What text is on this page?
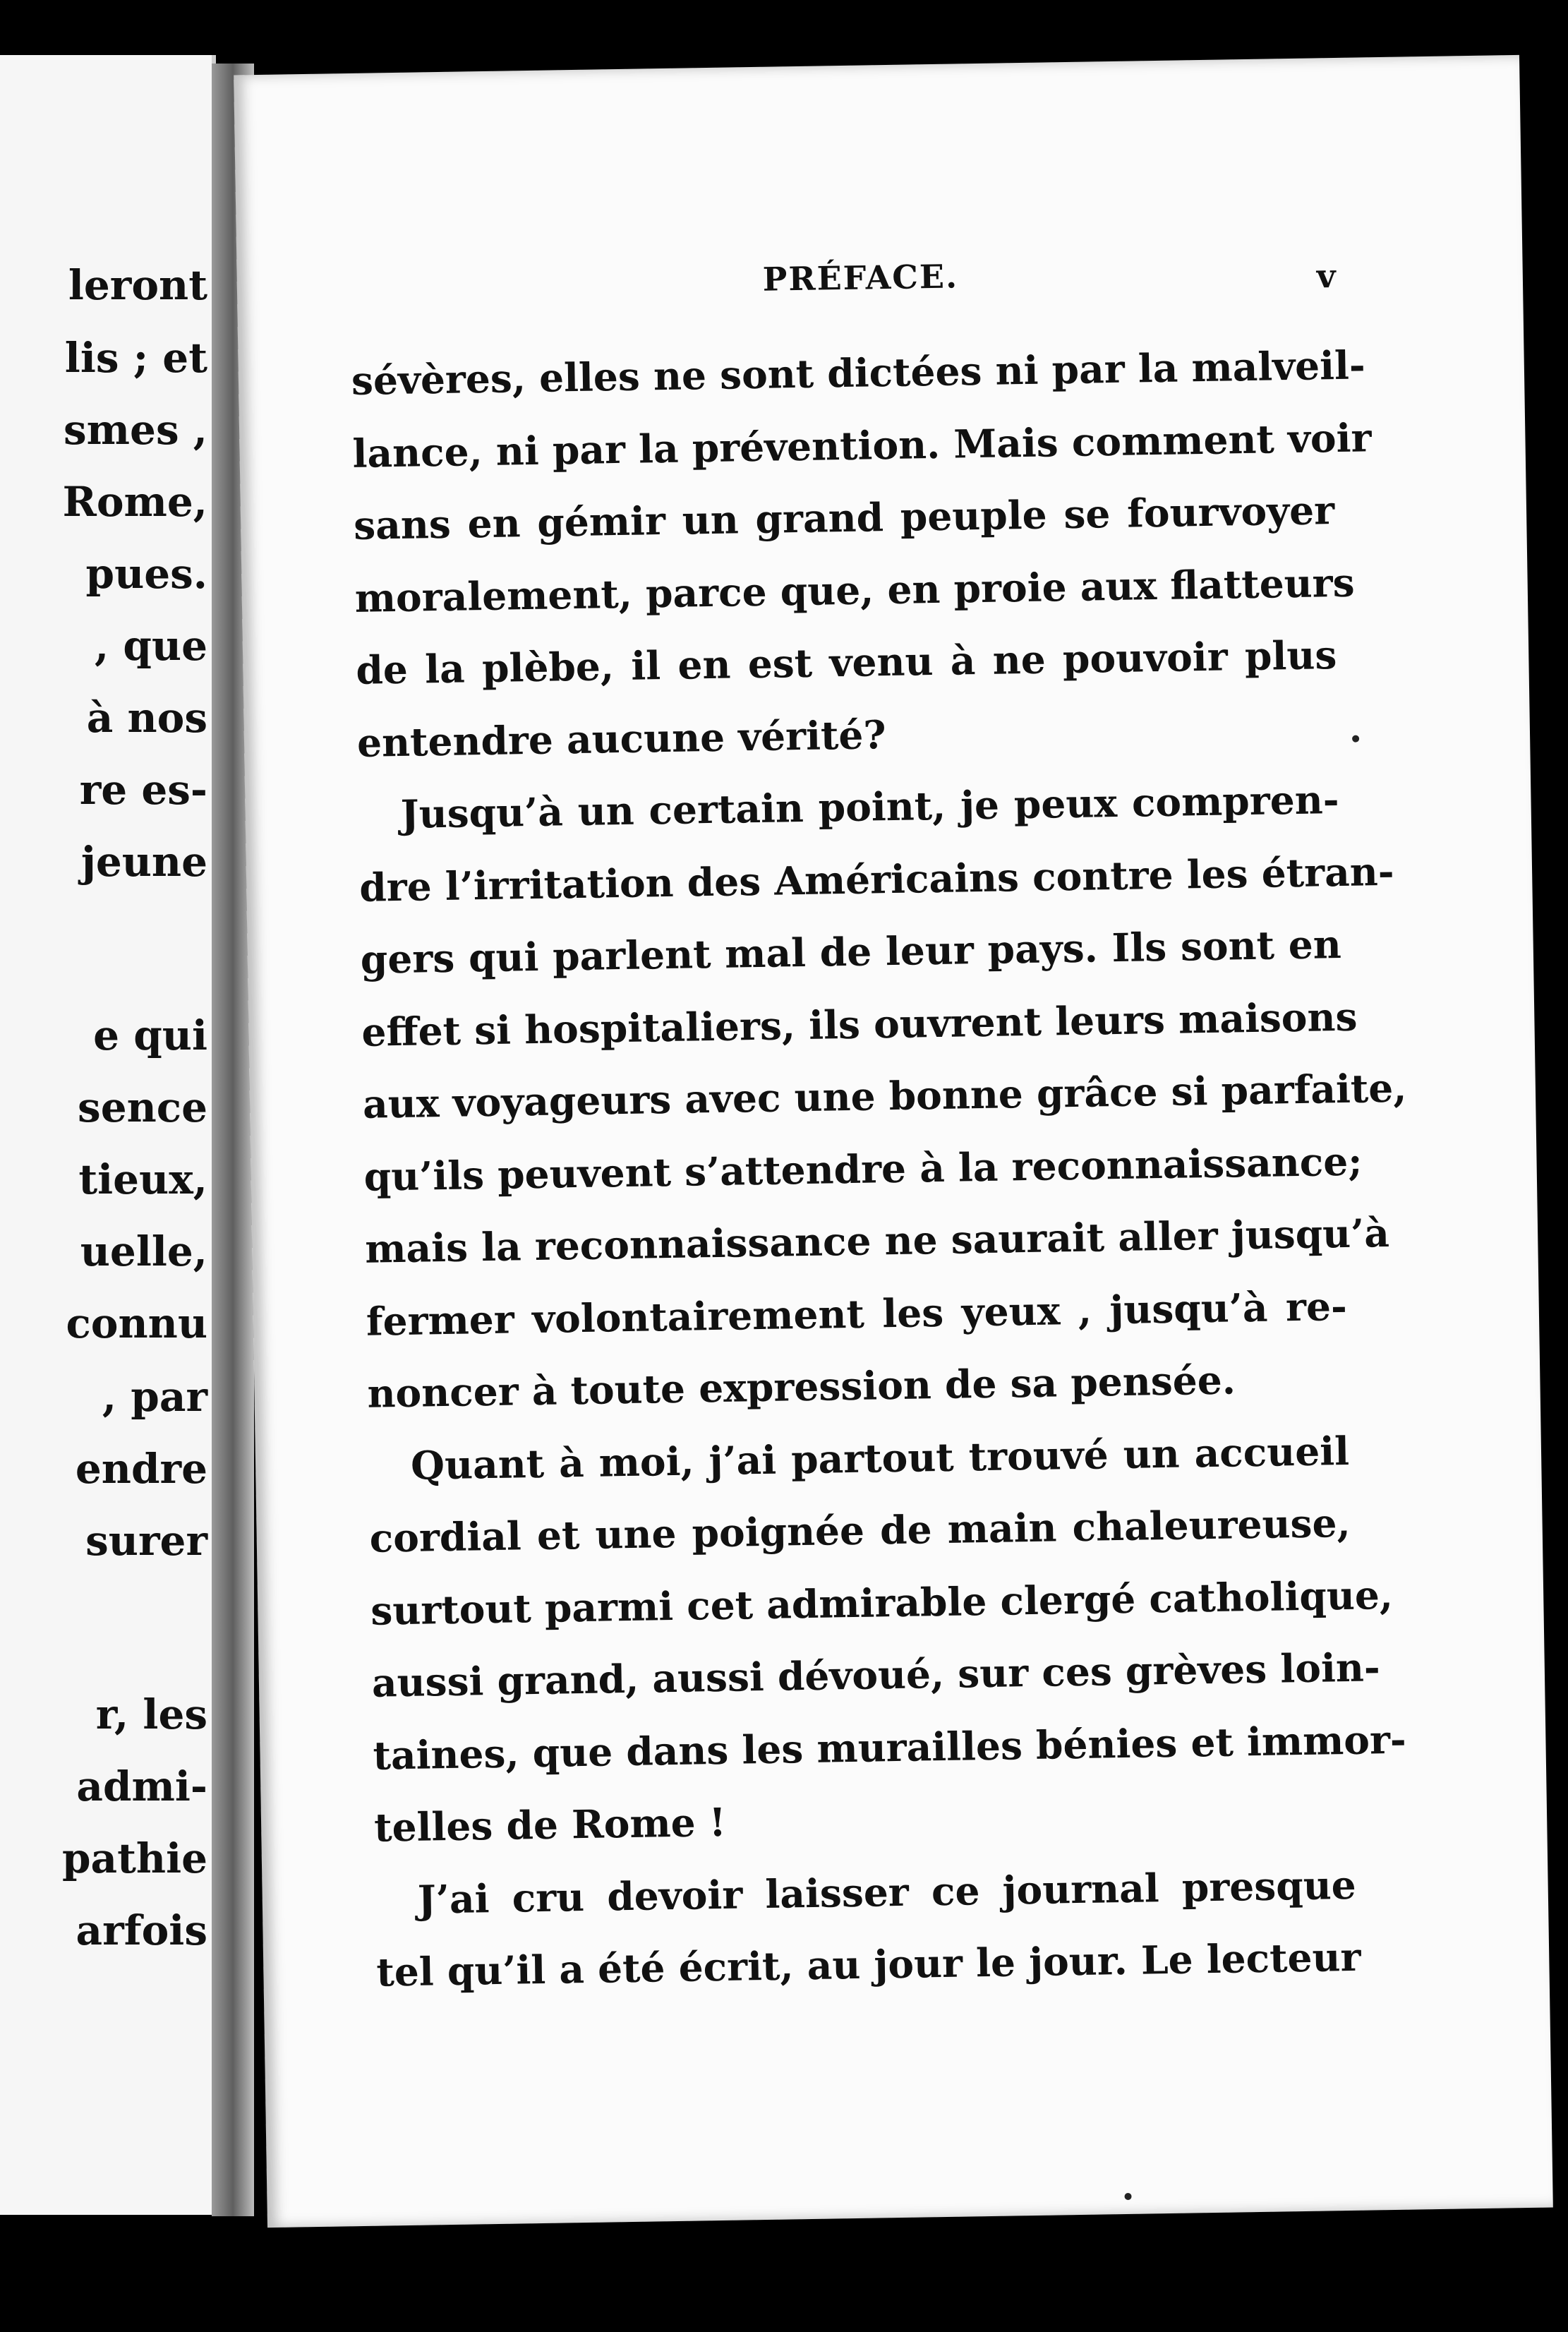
leront
lis ; et
smes ,
Rome,
pues.
, que
à nos
re es-
jeune
e qui
sence
tieux,
uelle,
connu
, par
endre
surer
r, les
admi-
pathie
arfois
PRÉFACE.	v
sévères, elles ne sont dictées ni par la malveil-
lance, ni par la prévention. Mais comment voir
sans en gémir un grand peuple se fourvoyer
moralement, parce que, en proie aux flatteurs
de la plèbe, il en est venu à ne pouvoir plus
entendre aucune vérité?
Jusqu’à un certain point, je peux compren-
dre l’irritation des Américains contre les étran-
gers qui parlent mal de leur pays. Ils sont en
effet si hospitaliers, ils ouvrent leurs maisons
aux voyageurs avec une bonne grâce si parfaite,
qu’ils peuvent s’attendre à la reconnaissance;
mais la reconnaissance ne saurait aller jusqu’à
fermer volontairement les yeux , jusqu’à re-
noncer à toute expression de sa pensée.
Quant à moi, j’ai partout trouvé un accueil
cordial et une poignée de main chaleureuse,
surtout parmi cet admirable clergé catholique,
aussi grand, aussi dévoué, sur ces grèves loin-
taines, que dans les murailles bénies et immor-
telles de Rome !
J’ai cru devoir laisser ce journal presque
tel qu’il a été écrit, au jour le jour. Le lecteur
